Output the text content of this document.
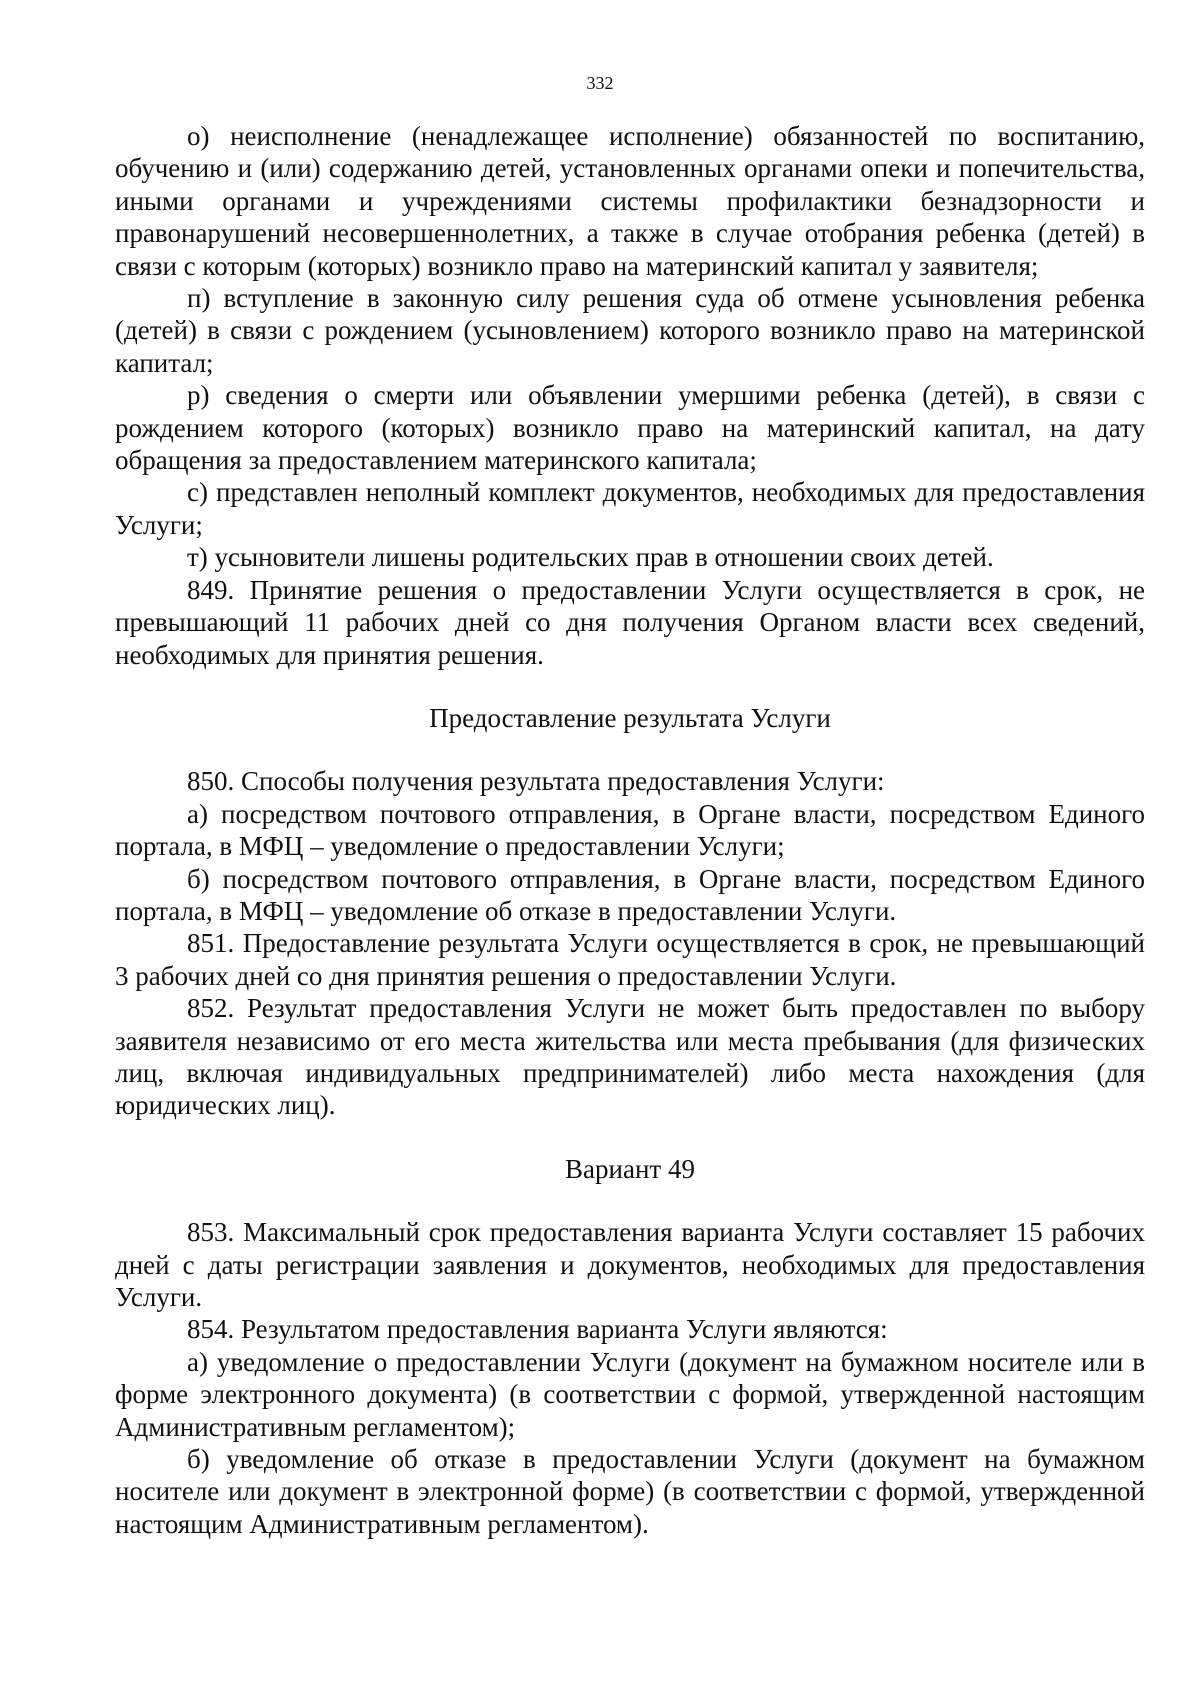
332

о) неисполнение (ненадлежащее исполнение) обязанностей по воспитанию, обучению и (или) содержанию детей, установленных органами опеки и попечительства, иными органами и учреждениями системы профилактики безнадзорности и правонарушений несовершеннолетних, а также в случае отобрания ребенка (детей) в связи с которым (которых) возникло право на материнский капитал у заявителя;

п) вступление в законную силу решения суда об отмене усыновления ребенка (детей) в связи с рождением (усыновлением) которого возникло право на материнской капитал;

р) сведения о смерти или объявлении умершими ребенка (детей), в связи с рождением которого (которых) возникло право на материнский капитал, на дату обращения за предоставлением материнского капитала;

с) представлен неполный комплект документов, необходимых для предоставления Услуги;

т) усыновители лишены родительских прав в отношении своих детей.

849. Принятие решения о предоставлении Услуги осуществляется в срок, не превышающий 11 рабочих дней со дня получения Органом власти всех сведений, необходимых для принятия решения.

Предоставление результата Услуги

850. Способы получения результата предоставления Услуги:

а) посредством почтового отправления, в Органе власти, посредством Единого портала, в МФЦ – уведомление о предоставлении Услуги;

б) посредством почтового отправления, в Органе власти, посредством Единого портала, в МФЦ – уведомление об отказе в предоставлении Услуги.

851. Предоставление результата Услуги осуществляется в срок, не превышающий 3 рабочих дней со дня принятия решения о предоставлении Услуги.

852. Результат предоставления Услуги не может быть предоставлен по выбору заявителя независимо от его места жительства или места пребывания (для физических лиц, включая индивидуальных предпринимателей) либо места нахождения (для юридических лиц).

Вариант 49

853. Максимальный срок предоставления варианта Услуги составляет 15 рабочих дней с даты регистрации заявления и документов, необходимых для предоставления Услуги.

854. Результатом предоставления варианта Услуги являются:

а) уведомление о предоставлении Услуги (документ на бумажном носителе или в форме электронного документа) (в соответствии с формой, утвержденной настоящим Административным регламентом);

б) уведомление об отказе в предоставлении Услуги (документ на бумажном носителе или документ в электронной форме) (в соответствии с формой, утвержденной настоящим Административным регламентом).
